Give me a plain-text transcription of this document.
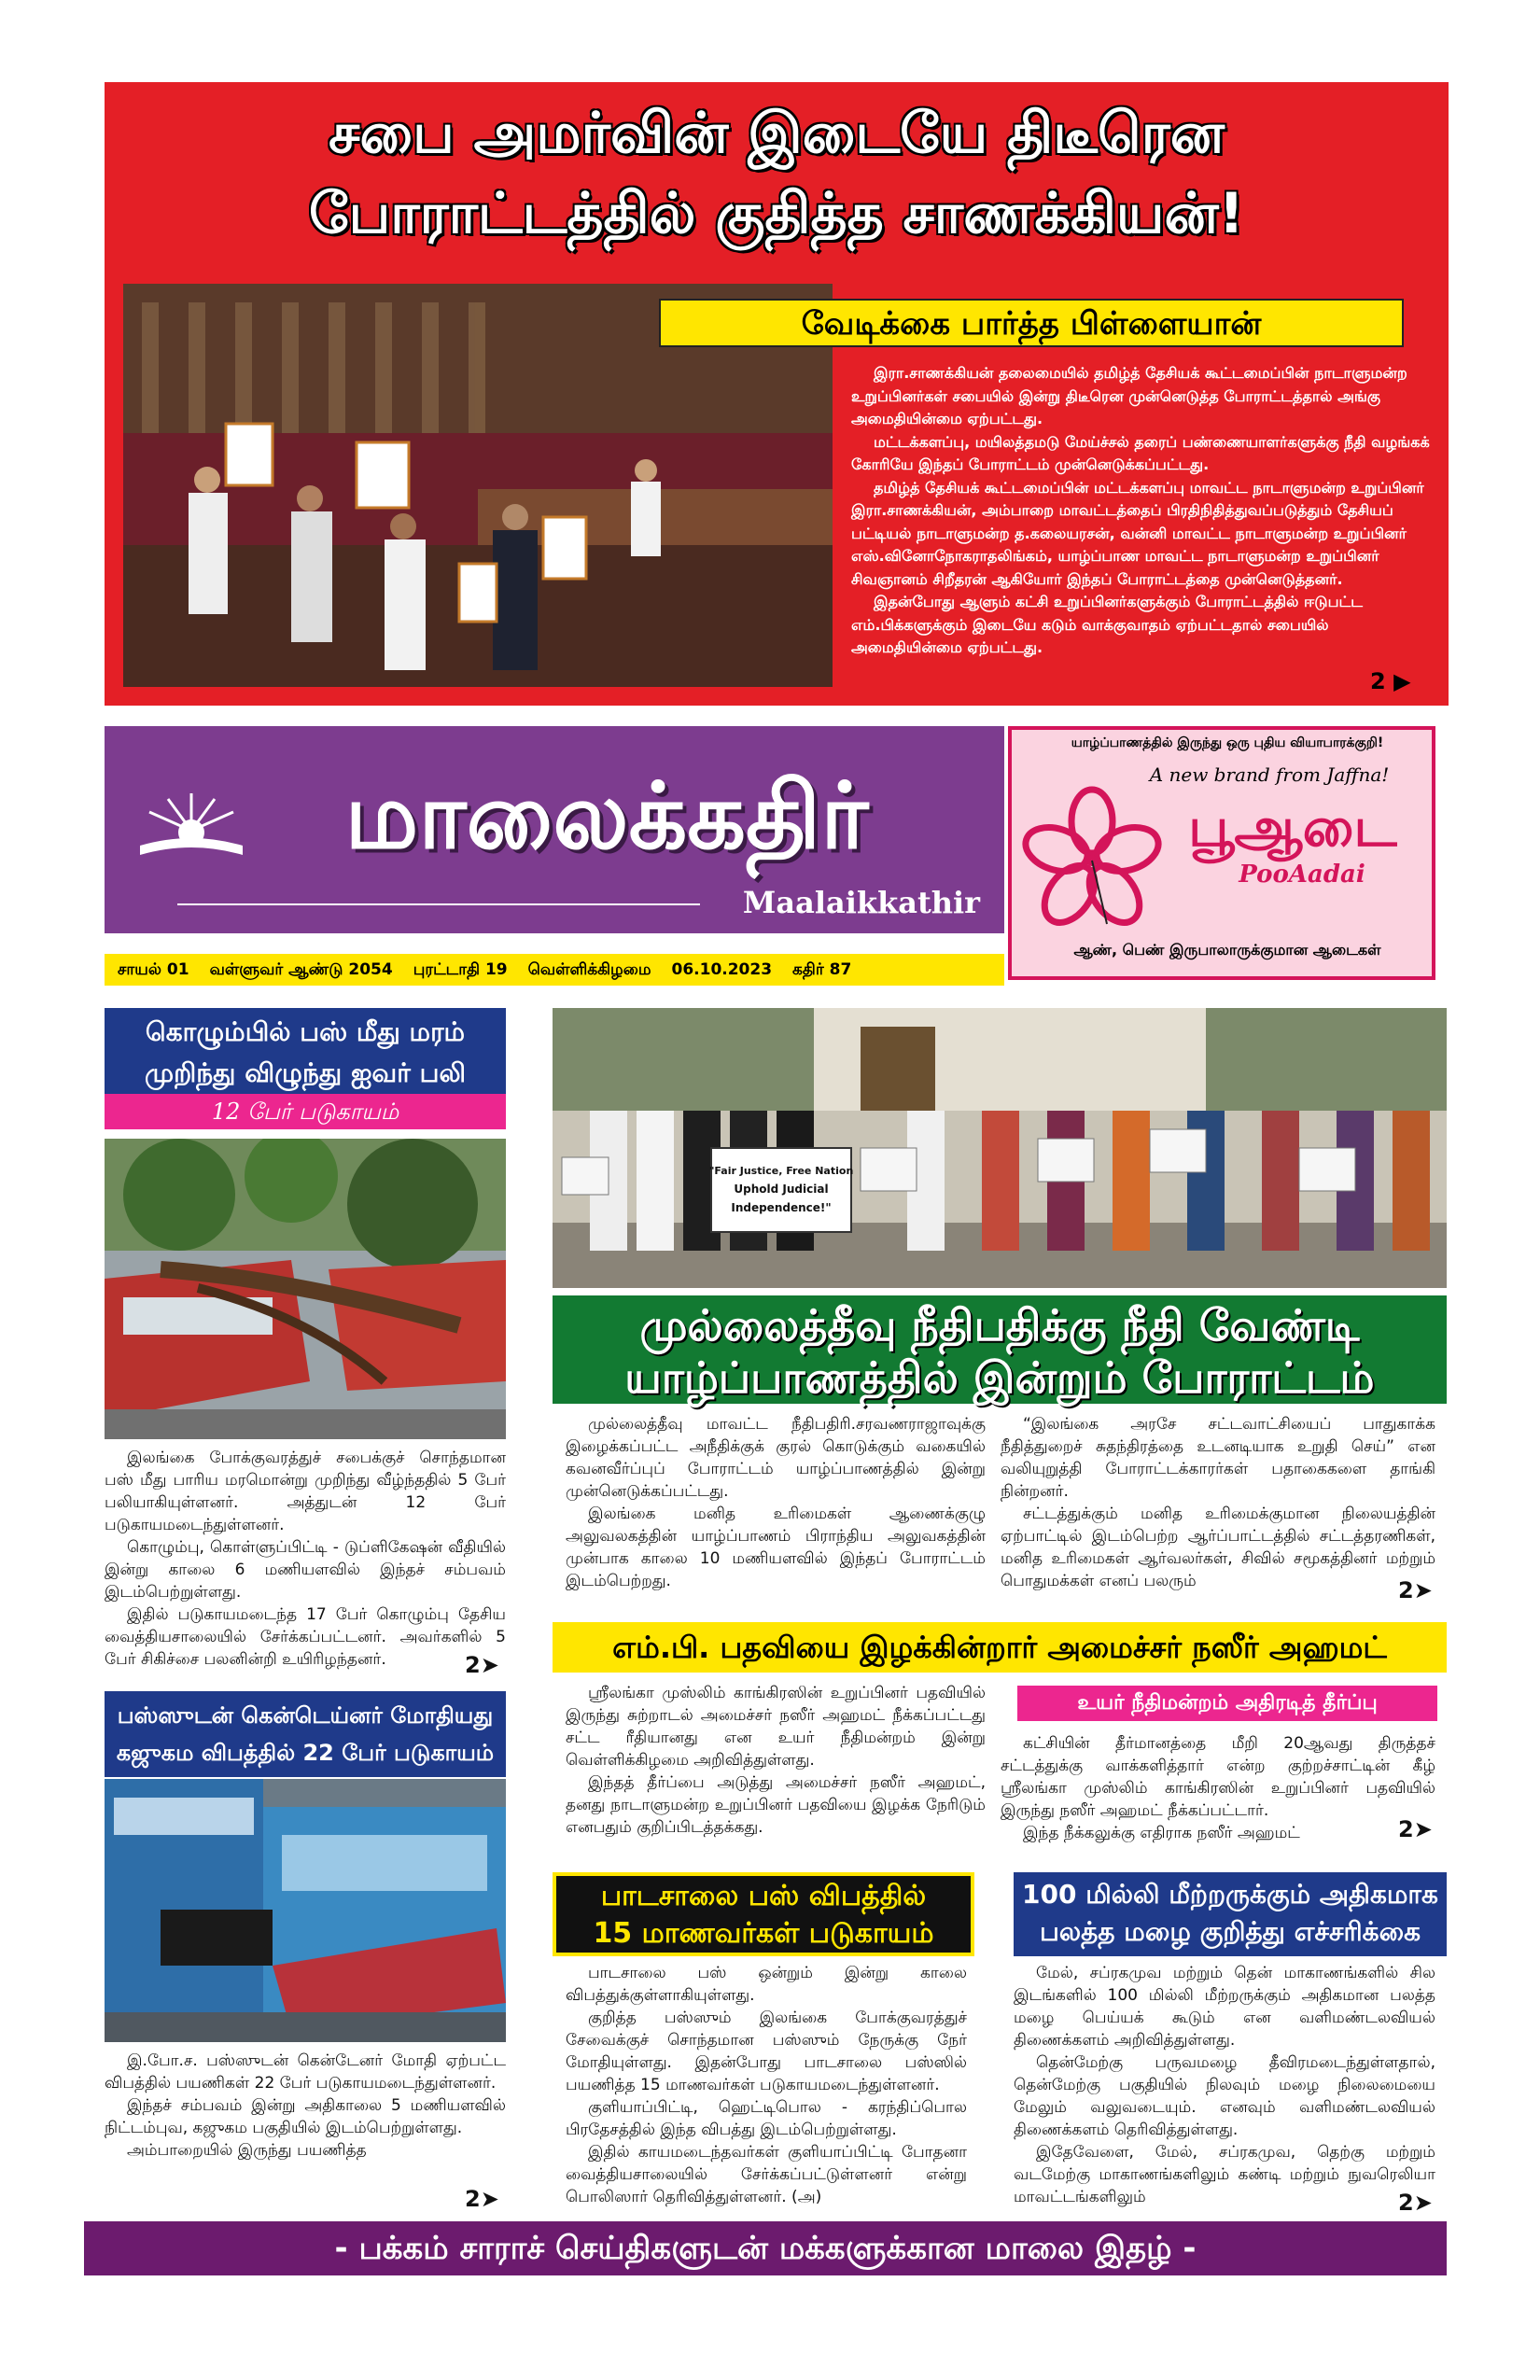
சபை அமர்வின் இடையே திடீரென
போராட்டத்தில் குதித்த சாணக்கியன்!
வேடிக்கை பார்த்த பிள்ளையான்

இரா.சாணக்கியன் தலைமையில் தமிழ்த் தேசியக் கூட்டமைப்பின் நாடாளுமன்ற உறுப்பினர்கள் சபையில் இன்று திடீரென முன்னெடுத்த போராட்டத்தால் அங்கு அமைதியின்மை ஏற்பட்டது.

மட்டக்களப்பு, மயிலத்தமடு மேய்ச்சல் தரைப் பண்ணையாளர்களுக்கு நீதி வழங்கக் கோரியே இந்தப் போராட்டம் முன்னெடுக்கப்பட்டது.

தமிழ்த் தேசியக் கூட்டமைப்பின் மட்டக்களப்பு மாவட்ட நாடாளுமன்ற உறுப்பினர் இரா.சாணக்கியன், அம்பாறை மாவட்டத்தைப் பிரதிநிதித்துவப்படுத்தும் தேசியப் பட்டியல் நாடாளுமன்ற த.கலையரசன், வன்னி மாவட்ட நாடாளுமன்ற உறுப்பினர் எஸ்.வினோநோகராதலிங்கம், யாழ்ப்பாண மாவட்ட நாடாளுமன்ற உறுப்பினர் சிவஞானம் சிறீதரன் ஆகியோர் இந்தப் போராட்டத்தை முன்னெடுத்தனர்.

இதன்போது ஆளும் கட்சி உறுப்பினர்களுக்கும் போராட்டத்தில் ஈடுபட்ட எம்.பிக்களுக்கும் இடையே கடும் வாக்குவாதம் ஏற்பட்டதால் சபையில் அமைதியின்மை ஏற்பட்டது.

2 ▶
மாலைக்கதிர்
Maalaikkathir
யாழ்ப்பாணத்தில் இருந்து ஒரு புதிய வியாபாரக்குறி!
A new brand from Jaffna!
பூஆடை
PooAadai
ஆண், பெண் இருபாலாருக்குமான ஆடைகள்
சாயல் 01 வள்ளுவர் ஆண்டு 2054 புரட்டாதி 19 வெள்ளிக்கிழமை 06.10.2023 கதிர் 87
கொழும்பில் பஸ் மீது மரம் முறிந்து விழுந்து ஐவர் பலி
12 பேர் படுகாயம்

இலங்கை போக்குவரத்துச் சபைக்குச் சொந்தமான பஸ் மீது பாரிய மரமொன்று முறிந்து வீழ்ந்ததில் 5 பேர் பலியாகியுள்ளனர். அத்துடன் 12 பேர் படுகாயமடைந்துள்ளனர்.

கொழும்பு, கொள்ளுப்பிட்டி - டுப்ளிகேஷன் வீதியில் இன்று காலை 6 மணியளவில் இந்தச் சம்பவம் இடம்பெற்றுள்ளது.

இதில் படுகாயமடைந்த 17 பேர் கொழும்பு தேசிய வைத்தியசாலையில் சேர்க்கப்பட்டனர். அவர்களில் 5 பேர் சிகிச்சை பலனின்றி உயிரிழந்தனர்.	2➤
பஸ்ஸுடன் கென்டெய்னர் மோதியது கஜுகம விபத்தில் 22 பேர் படுகாயம்

இ.போ.ச. பஸ்ஸுடன் கென்டேனர் மோதி ஏற்பட்ட விபத்தில் பயணிகள் 22 பேர் படுகாயமடைந்துள்ளனர்.

இந்தச் சம்பவம் இன்று அதிகாலை 5 மணியளவில் நிட்டம்புவ, கஜுகம பகுதியில் இடம்பெற்றுள்ளது.

அம்பாறையில் இருந்து பயணித்த

2➤
"Fair Justice, Free Nation
Uphold Judicial
Independence!"
முல்லைத்தீவு நீதிபதிக்கு நீதி வேண்டி
யாழ்ப்பாணத்தில் இன்றும் போராட்டம்

முல்லைத்தீவு மாவட்ட நீதிபதிரி.சரவணராஜாவுக்கு இழைக்கப்பட்ட அநீதிக்குக் குரல் கொடுக்கும் வகையில் கவனவீர்ப்புப் போராட்டம் யாழ்ப்பாணத்தில் இன்று முன்னெடுக்கப்பட்டது.

இலங்கை மனித உரிமைகள் ஆணைக்குழு அலுவலகத்தின் யாழ்ப்பாணம் பிராந்திய அலுவகத்தின் முன்பாக காலை 10 மணியளவில் இந்தப் போராட்டம் இடம்பெற்றது.

“இலங்கை அரசே சட்டவாட்சியைப் பாதுகாக்க நீதித்துறைச் சுதந்திரத்தை உடனடியாக உறுதி செய்” என வலியுறுத்தி போராட்டக்காரர்கள் பதாகைகளை தாங்கி நின்றனர்.

சட்டத்துக்கும் மனித உரிமைக்குமான நிலையத்தின் ஏற்பாட்டில் இடம்பெற்ற ஆர்ப்பாட்டத்தில் சட்டத்தரணிகள், மனித உரிமைகள் ஆர்வலர்கள், சிவில் சமூகத்தினர் மற்றும் பொதுமக்கள் எனப் பலரும்	2➤
எம்.பி. பதவியை இழக்கின்றார் அமைச்சர் நஸீர் அஹமட்

ஸ்ரீலங்கா முஸ்லிம் காங்கிரஸின் உறுப்பினர் பதவியில் இருந்து சுற்றாடல் அமைச்சர் நஸீர் அஹமட் நீக்கப்பட்டது சட்ட ரீதியானது என உயர் நீதிமன்றம் இன்று வெள்ளிக்கிழமை அறிவித்துள்ளது.

இந்தத் தீர்ப்பை அடுத்து அமைச்சர் நஸீர் அஹமட், தனது நாடாளுமன்ற உறுப்பினர் பதவியை இழக்க நேரிடும் எனபதும் குறிப்பிடத்தக்கது.

உயர் நீதிமன்றம் அதிரடித் தீர்ப்பு

கட்சியின் தீர்மானத்தை மீறி 20ஆவது திருத்தச் சட்டத்துக்கு வாக்களித்தார் என்ற குற்றச்சாட்டின் கீழ் ஸ்ரீலங்கா முஸ்லிம் காங்கிரஸின் உறுப்பினர் பதவியில் இருந்து நஸீர் அஹமட் நீக்கப்பட்டார்.

இந்த நீக்கலுக்கு எதிராக நஸீர் அஹமட்	2➤
பாடசாலை பஸ் விபத்தில்
15 மாணவர்கள் படுகாயம்

பாடசாலை பஸ் ஒன்றும் இன்று காலை விபத்துக்குள்ளாகியுள்ளது.

குறித்த பஸ்ஸும் இலங்கை போக்குவரத்துச் சேவைக்குச் சொந்தமான பஸ்ஸும் நேருக்கு நேர் மோதியுள்ளது. இதன்போது பாடசாலை பஸ்ஸில் பயணித்த 15 மாணவர்கள் படுகாயமடைந்துள்ளனர்.

குளியாப்பிட்டி, ஹெட்டிபொல - கரந்திப்பொல பிரதேசத்தில் இந்த விபத்து இடம்பெற்றுள்ளது.

இதில் காயமடைந்தவர்கள் குளியாப்பிட்டி போதனா வைத்தியசாலையில் சேர்க்கப்பட்டுள்ளனர் என்று பொலிஸார் தெரிவித்துள்ளனர். (அ)

100 மில்லி மீற்றருக்கும் அதிகமாக
பலத்த மழை குறித்து எச்சரிக்கை

மேல், சப்ரகமுவ மற்றும் தென் மாகாணங்களில் சில இடங்களில் 100 மில்லி மீற்றருக்கும் அதிகமான பலத்த மழை பெய்யக் கூடும் என வளிமண்டலவியல் திணைக்களம் அறிவித்துள்ளது.

தென்மேற்கு பருவமழை தீவிரமடைந்துள்ளதால், தென்மேற்கு பகுதியில் நிலவும் மழை நிலைமையை மேலும் வலுவடையும். எனவும் வளிமண்டலவியல் திணைக்களம் தெரிவித்துள்ளது.

இதேவேளை, மேல், சப்ரகமுவ, தெற்கு மற்றும் வடமேற்கு மாகாணங்களிலும் கண்டி மற்றும் நுவரெலியா மாவட்டங்களிலும்	2➤
- பக்கம் சாராச் செய்திகளுடன் மக்களுக்கான மாலை இதழ் -
